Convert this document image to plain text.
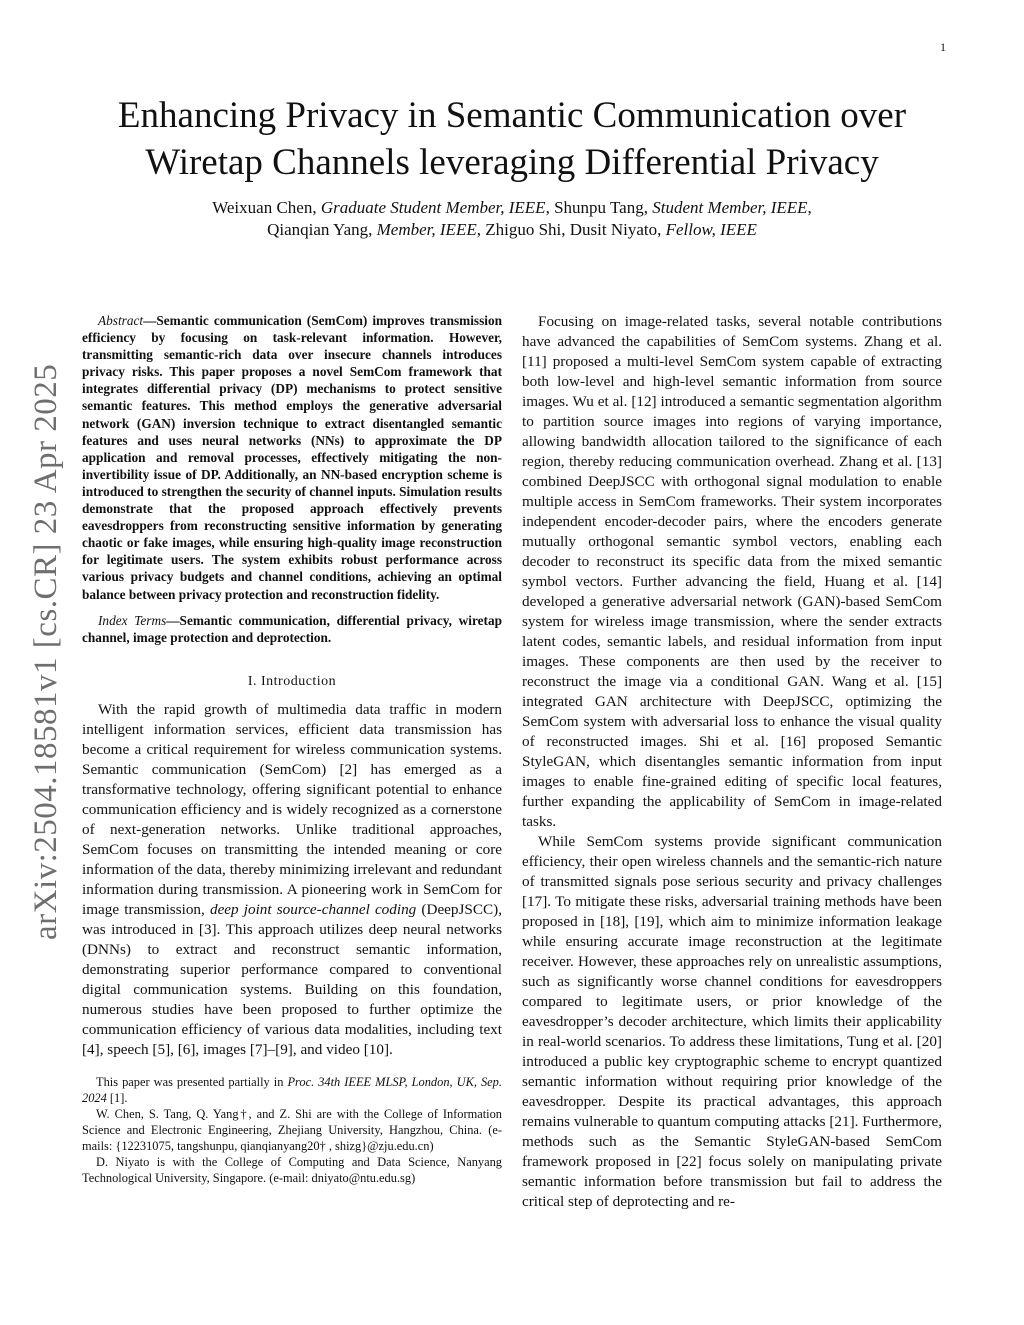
1
arXiv:2504.18581v1 [cs.CR] 23 Apr 2025
Enhancing Privacy in Semantic Communication over
Wiretap Channels leveraging Differential Privacy
Weixuan Chen, Graduate Student Member, IEEE, Shunpu Tang, Student Member, IEEE,
Qianqian Yang, Member, IEEE, Zhiguo Shi, Dusit Niyato, Fellow, IEEE

Abstract—Semantic communication (SemCom) improves transmission efficiency by focusing on task-relevant information. However, transmitting semantic-rich data over insecure channels introduces privacy risks. This paper proposes a novel SemCom framework that integrates differential privacy (DP) mechanisms to protect sensitive semantic features. This method employs the generative adversarial network (GAN) inversion technique to extract disentangled semantic features and uses neural networks (NNs) to approximate the DP application and removal processes, effectively mitigating the non-invertibility issue of DP. Additionally, an NN-based encryption scheme is introduced to strengthen the security of channel inputs. Simulation results demonstrate that the proposed approach effectively prevents eavesdroppers from reconstructing sensitive information by generating chaotic or fake images, while ensuring high-quality image reconstruction for legitimate users. The system exhibits robust performance across various privacy budgets and channel conditions, achieving an optimal balance between privacy protection and reconstruction fidelity.

Index Terms—Semantic communication, differential privacy, wiretap channel, image protection and deprotection.

I. Introduction

With the rapid growth of multimedia data traffic in modern intelligent information services, efficient data transmission has become a critical requirement for wireless communication systems. Semantic communication (SemCom) [2] has emerged as a transformative technology, offering significant potential to enhance communication efficiency and is widely recognized as a cornerstone of next-generation networks. Unlike traditional approaches, SemCom focuses on transmitting the intended meaning or core information of the data, thereby minimizing irrelevant and redundant information during transmission. A pioneering work in SemCom for image transmission, deep joint source-channel coding (DeepJSCC), was introduced in [3]. This approach utilizes deep neural networks (DNNs) to extract and reconstruct semantic information, demonstrating superior performance compared to conventional digital communication systems. Building on this foundation, numerous studies have been proposed to further optimize the communication efficiency of various data modalities, including text [4], speech [5], [6], images [7]–[9], and video [10].

This paper was presented partially in Proc. 34th IEEE MLSP, London, UK, Sep. 2024 [1].

W. Chen, S. Tang, Q. Yang†, and Z. Shi are with the College of Information Science and Electronic Engineering, Zhejiang University, Hangzhou, China. (e-mails: {12231075, tangshunpu, qianqianyang20† , shizg}@zju.edu.cn)

D. Niyato is with the College of Computing and Data Science, Nanyang Technological University, Singapore. (e-mail: dniyato@ntu.edu.sg)

Focusing on image-related tasks, several notable contributions have advanced the capabilities of SemCom systems. Zhang et al. [11] proposed a multi-level SemCom system capable of extracting both low-level and high-level semantic information from source images. Wu et al. [12] introduced a semantic segmentation algorithm to partition source images into regions of varying importance, allowing bandwidth allocation tailored to the significance of each region, thereby reducing communication overhead. Zhang et al. [13] combined DeepJSCC with orthogonal signal modulation to enable multiple access in SemCom frameworks. Their system incorporates independent encoder-decoder pairs, where the encoders generate mutually orthogonal semantic symbol vectors, enabling each decoder to reconstruct its specific data from the mixed semantic symbol vectors. Further advancing the field, Huang et al. [14] developed a generative adversarial network (GAN)-based SemCom system for wireless image transmission, where the sender extracts latent codes, semantic labels, and residual information from input images. These components are then used by the receiver to reconstruct the image via a conditional GAN. Wang et al. [15] integrated GAN architecture with DeepJSCC, optimizing the SemCom system with adversarial loss to enhance the visual quality of reconstructed images. Shi et al. [16] proposed Semantic StyleGAN, which disentangles semantic information from input images to enable fine-grained editing of specific local features, further expanding the applicability of SemCom in image-related tasks.

While SemCom systems provide significant communication efficiency, their open wireless channels and the semantic-rich nature of transmitted signals pose serious security and privacy challenges [17]. To mitigate these risks, adversarial training methods have been proposed in [18], [19], which aim to minimize information leakage while ensuring accurate image reconstruction at the legitimate receiver. However, these approaches rely on unrealistic assumptions, such as significantly worse channel conditions for eavesdroppers compared to legitimate users, or prior knowledge of the eavesdropper’s decoder architecture, which limits their applicability in real-world scenarios. To address these limitations, Tung et al. [20] introduced a public key cryptographic scheme to encrypt quantized semantic information without requiring prior knowledge of the eavesdropper. Despite its practical advantages, this approach remains vulnerable to quantum computing attacks [21]. Furthermore, methods such as the Semantic StyleGAN-based SemCom framework proposed in [22] focus solely on manipulating private semantic information before transmission but fail to address the critical step of deprotecting and re-
